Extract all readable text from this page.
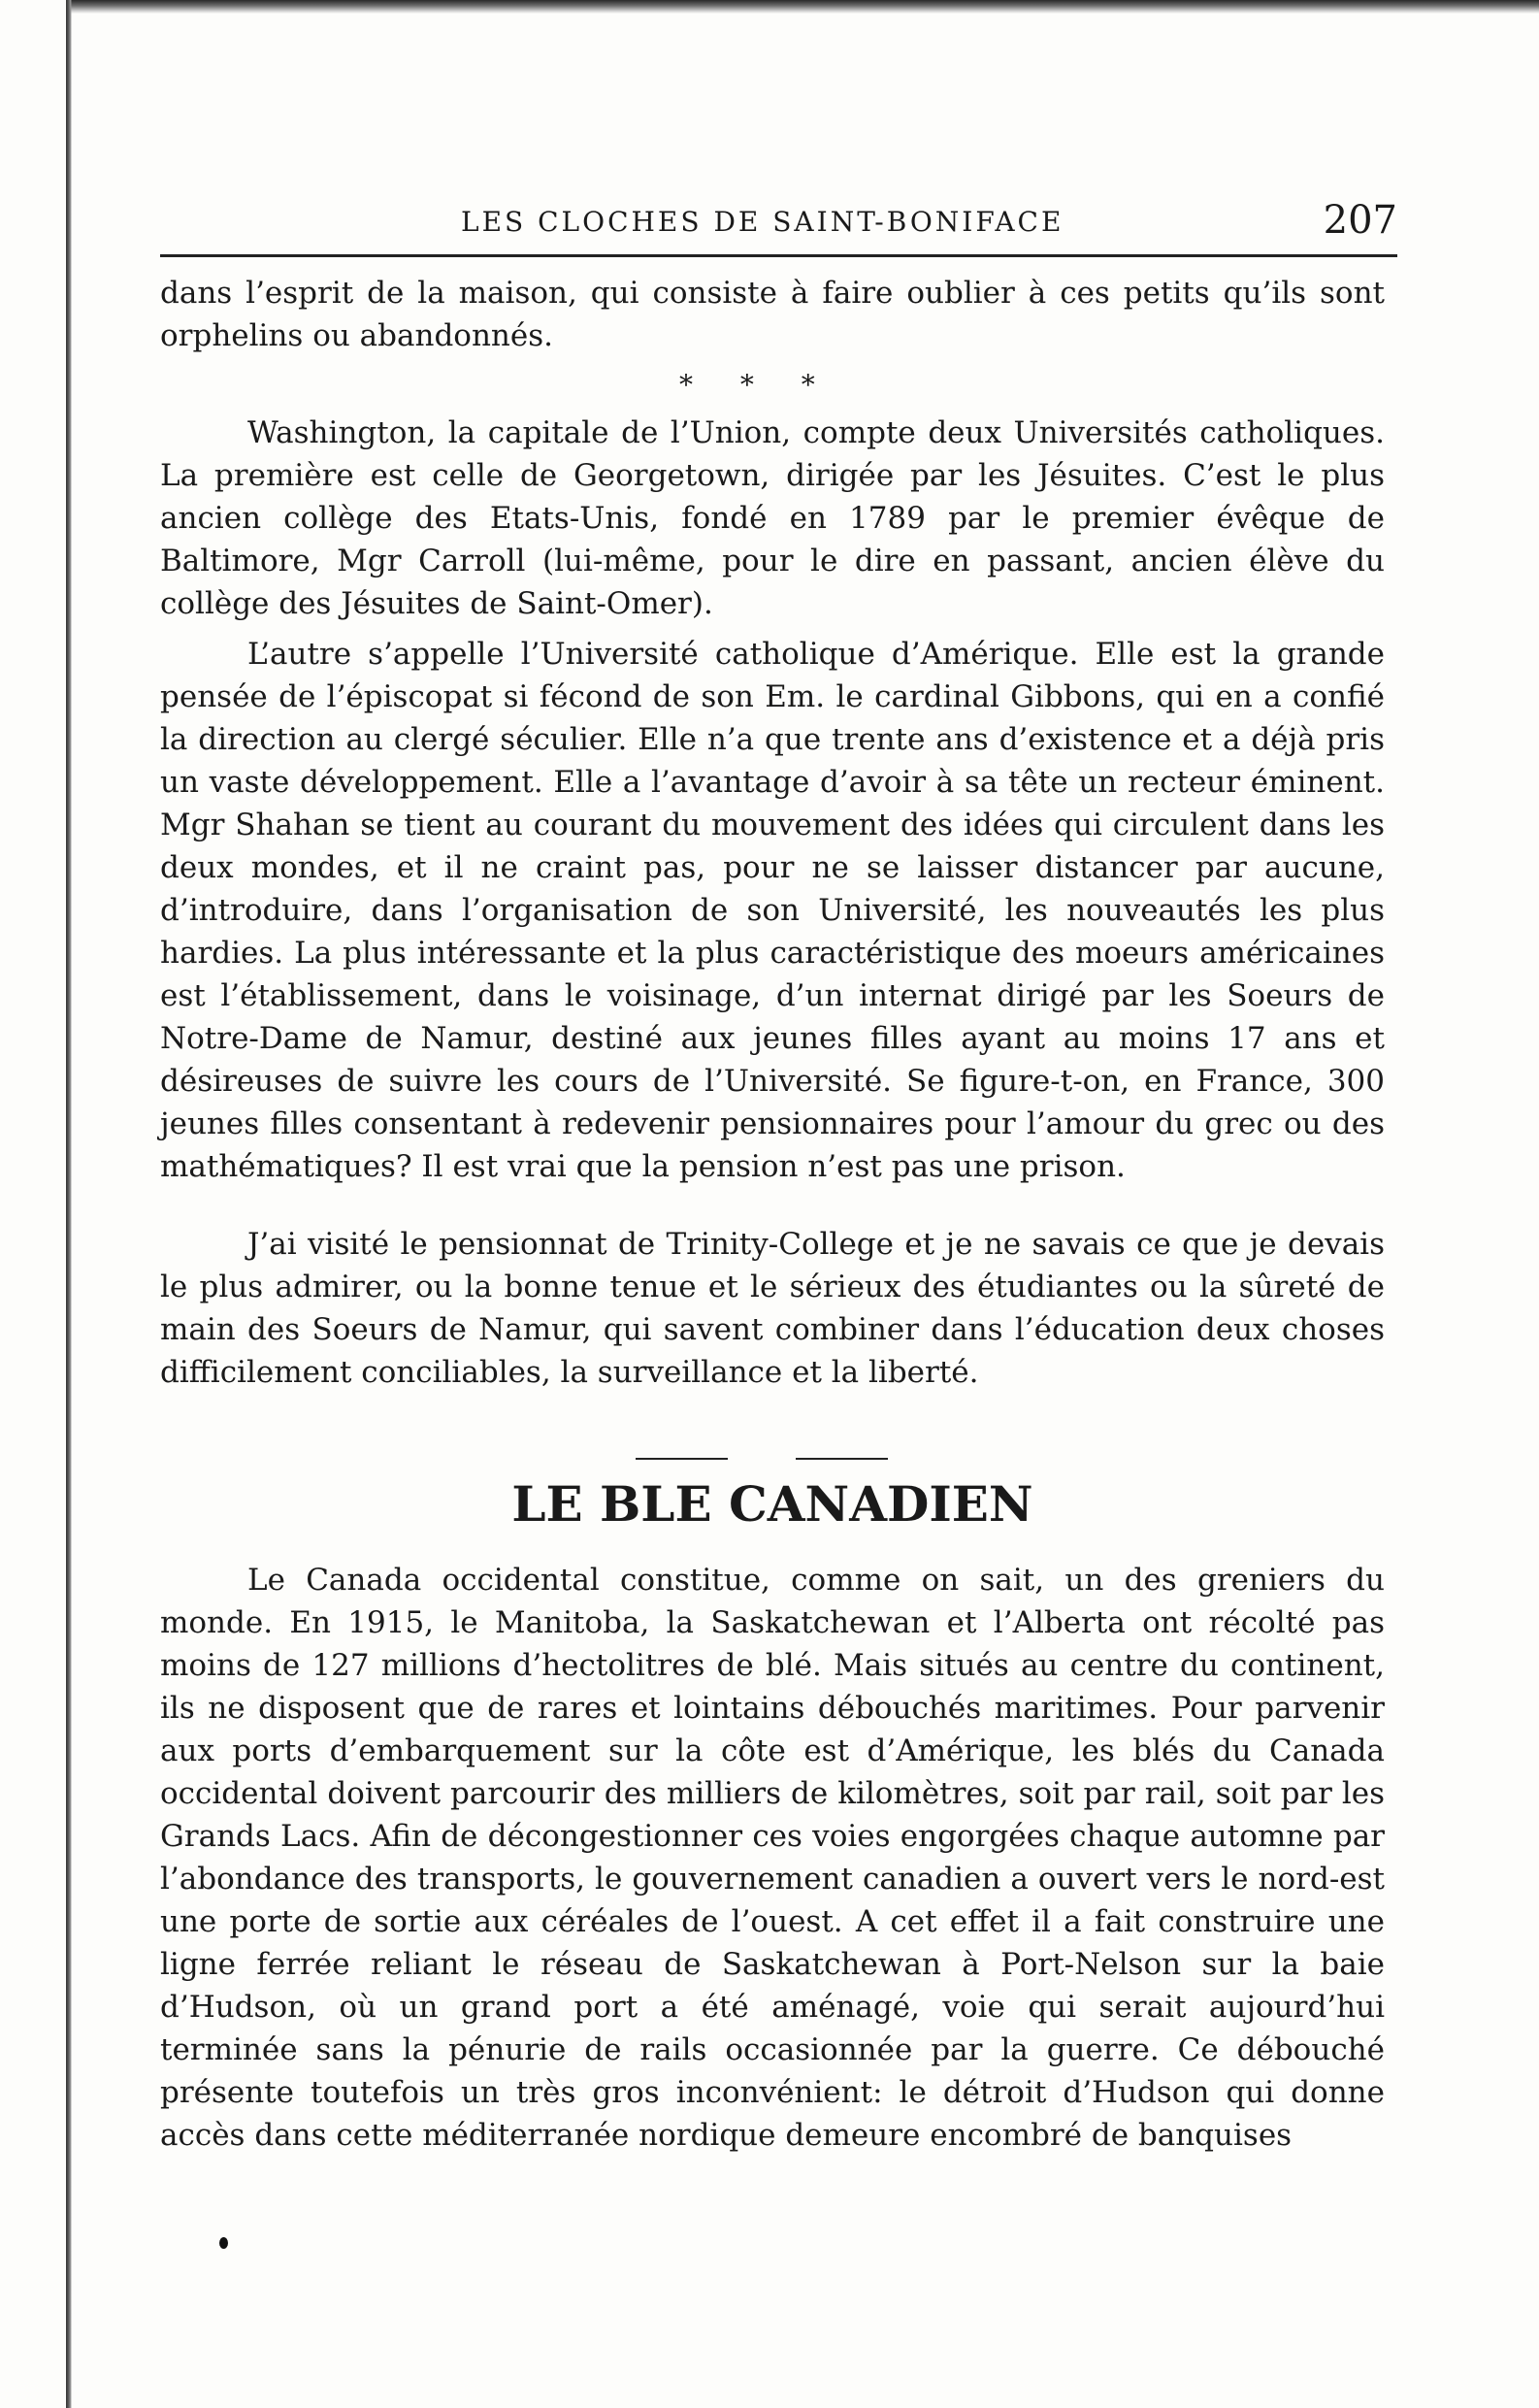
LES CLOCHES DE SAINT-BONIFACE	207

dans l’esprit de la maison, qui consiste à faire oublier à ces petits qu’ils sont orphelins ou abandonnés.

* * *

Washington, la capitale de l’Union, compte deux Universités catholiques. La première est celle de Georgetown, dirigée par les Jésuites. C’est le plus ancien collège des Etats-Unis, fondé en 1789 par le premier évêque de Baltimore, Mgr Carroll (lui-même, pour le dire en passant, ancien élève du collège des Jésuites de Saint-Omer).

L’autre s’appelle l’Université catholique d’Amérique. Elle est la grande pensée de l’épiscopat si fécond de son Em. le cardinal Gibbons, qui en a confié la direction au clergé séculier. Elle n’a que trente ans d’existence et a déjà pris un vaste développement. Elle a l’avantage d’avoir à sa tête un recteur éminent. Mgr Shahan se tient au courant du mouvement des idées qui circulent dans les deux mondes, et il ne craint pas, pour ne se laisser distancer par aucune, d’introduire, dans l’organisation de son Université, les nouveautés les plus hardies. La plus intéressante et la plus caractéristique des moeurs américaines est l’établissement, dans le voisinage, d’un internat dirigé par les Soeurs de Notre-Dame de Namur, destiné aux jeunes filles ayant au moins 17 ans et désireuses de suivre les cours de l’Université. Se figure-t-on, en France, 300 jeunes filles consentant à redevenir pensionnaires pour l’amour du grec ou des mathématiques? Il est vrai que la pension n’est pas une prison.

J’ai visité le pensionnat de Trinity-College et je ne savais ce que je devais le plus admirer, ou la bonne tenue et le sérieux des étudiantes ou la sûreté de main des Soeurs de Namur, qui savent combiner dans l’éducation deux choses difficilement conciliables, la surveillance et la liberté.

LE BLE CANADIEN

Le Canada occidental constitue, comme on sait, un des greniers du monde. En 1915, le Manitoba, la Saskatchewan et l’Alberta ont récolté pas moins de 127 millions d’hectolitres de blé. Mais situés au centre du continent, ils ne disposent que de rares et lointains débouchés maritimes. Pour parvenir aux ports d’embarquement sur la côte est d’Amérique, les blés du Canada occidental doivent parcourir des milliers de kilomètres, soit par rail, soit par les Grands Lacs. Afin de décongestionner ces voies engorgées chaque automne par l’abondance des transports, le gouvernement canadien a ouvert vers le nord-est une porte de sortie aux céréales de l’ouest. A cet effet il a fait construire une ligne ferrée reliant le réseau de Saskatchewan à Port-Nelson sur la baie d’Hudson, où un grand port a été aménagé, voie qui serait aujourd’hui terminée sans la pénurie de rails occasionnée par la guerre. Ce débouché présente toutefois un très gros inconvénient: le détroit d’Hudson qui donne accès dans cette méditerranée nordique demeure encombré de banquises
